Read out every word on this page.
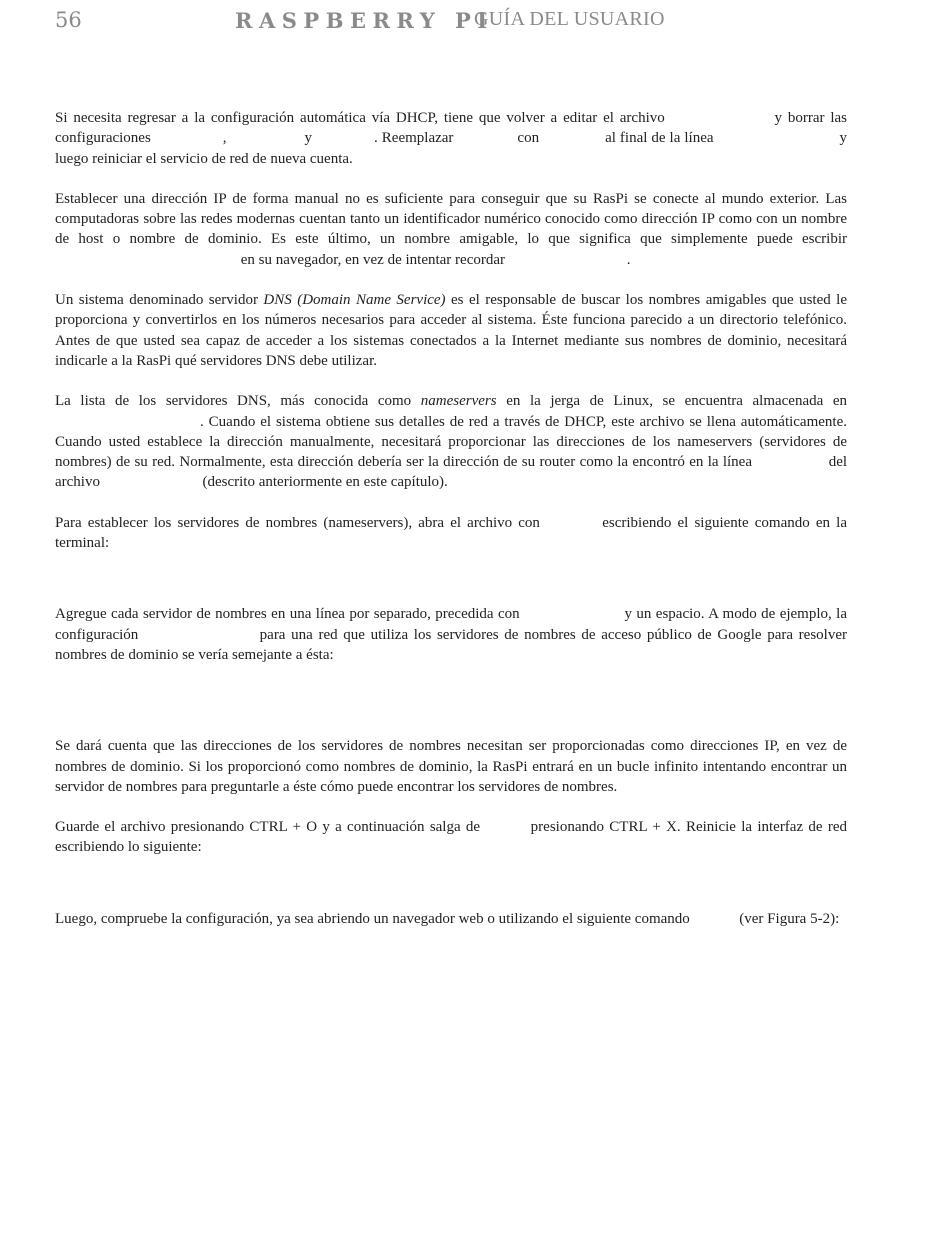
56	RASPBERRY PI
GUÍA DEL USUARIO

Si necesita regresar a la configuración automática vía DHCP, tiene que volver a editar el archivo	y borrar las configuraciones	,	y	. Reemplazar	con	al final de la línea	y luego reiniciar el servicio de red de nueva cuenta.

Establecer una dirección IP de forma manual no es suficiente para conseguir que su RasPi se conecte al mundo exterior. Las computadoras sobre las redes modernas cuentan tanto un identificador numérico conocido como dirección IP como con un nombre de host o nombre de dominio. Es este último, un nombre amigable, lo que significa que simplemente puede escribir  en su navegador, en vez de intentar recordar	.

Un sistema denominado servidor DNS (Domain Name Service) es el responsable de buscar los nombres amigables que usted le proporciona y convertirlos en los números necesarios para acceder al sistema. Éste funciona parecido a un directorio telefónico. Antes de que usted sea capaz de acceder a los sistemas conectados a la Internet mediante sus nombres de dominio, necesitará indicarle a la RasPi qué servidores DNS debe utilizar.

La lista de los servidores DNS, más conocida como nameservers en la jerga de Linux, se encuentra almacenada en . Cuando el sistema obtiene sus detalles de red a través de DHCP, este archivo se llena automáticamente. Cuando usted establece la dirección manualmente, necesitará proporcionar las direcciones de los nameservers (servidores de nombres) de su red. Normalmente, esta dirección debería ser la dirección de su router como la encontró en la línea	del archivo	(descrito anteriormente en este capítulo).

Para establecer los servidores de nombres (nameservers), abra el archivo con	escribiendo el siguiente comando en la terminal:

Agregue cada servidor de nombres en una línea por separado, precedida con	y un espacio. A modo de ejemplo, la configuración	para una red que utiliza los servidores de nombres de acceso público de Google para resolver nombres de dominio se vería semejante a ésta:

Se dará cuenta que las direcciones de los servidores de nombres necesitan ser proporcionadas como direcciones IP, en vez de nombres de dominio. Si los proporcionó como nombres de dominio, la RasPi entrará en un bucle infinito intentando encontrar un servidor de nombres para preguntarle a éste cómo puede encontrar los servidores de nombres.

Guarde el archivo presionando CTRL + O y a continuación salga de	presionando CTRL + X. Reinicie la interfaz de red escribiendo lo siguiente:

Luego, compruebe la configuración, ya sea abriendo un navegador web o utilizando el siguiente comando	(ver Figura 5-2):
